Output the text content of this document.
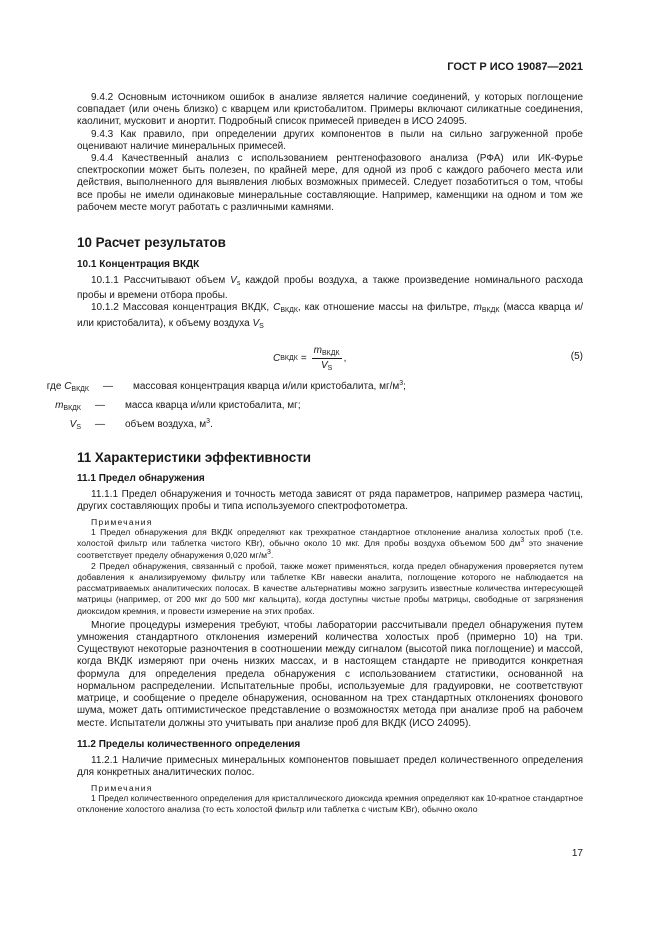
ГОСТ Р ИСО 19087—2021

9.4.2 Основным источником ошибок в анализе является наличие соединений, у которых поглощение совпадает (или очень близко) с кварцем или кристобалитом. Примеры включают силикатные соединения, каолинит, мусковит и анортит. Подробный список примесей приведен в ИСО 24095.

9.4.3 Как правило, при определении других компонентов в пыли на сильно загруженной пробе оценивают наличие минеральных примесей.

9.4.4 Качественный анализ с использованием рентгенофазового анализа (РФА) или ИК-Фурье спектроскопии может быть полезен, по крайней мере, для одной из проб с каждого рабочего места или действия, выполненного для выявления любых возможных примесей. Следует позаботиться о том, чтобы все пробы не имели одинаковые минеральные составляющие. Например, каменщики на одном и том же рабочем месте могут работать с различными камнями.

10 Расчет результатов

10.1 Концентрация ВКДК

10.1.1 Рассчитывают объем $V_s$ каждой пробы воздуха, а также произведение номинального расхода пробы и времени отбора пробы.

10.1.2 Массовая концентрация ВКДК, $C_{ВКДК}$, как отношение массы на фильтре, $m_{ВКДК}$ (масса кварца и/или кристобалита), к объему воздуха $V_S$

C ВКДК = $\frac{m_{ВКДК}}{V_S}$ ,	(5)
где $C_{ВКДК}$	—	массовая концентрация кварца и/или кристобалита, $мг/м^3$;
$m_{ВКДК}$	—	масса кварца и/или кристобалита, мг;
$V_S$	—	объем воздуха, $м^3$.

11 Характеристики эффективности

11.1 Предел обнаружения

11.1.1 Предел обнаружения и точность метода зависят от ряда параметров, например размера частиц, других составляющих пробы и типа используемого спектрофотометра.

Примечания

1 Предел обнаружения для ВКДК определяют как трехкратное стандартное отклонение анализа холостых проб (т.е. холостой фильтр или таблетка чистого KBr), обычно около 10 мкг. Для пробы воздуха объемом 500 $дм^3$ это значение соответствует пределу обнаружения 0,020 $мг/м^3$.

2 Предел обнаружения, связанный с пробой, также может применяться, когда предел обнаружения проверяется путем добавления к анализируемому фильтру или таблетке KBr навески аналита, поглощение которого не наблюдается на рассматриваемых аналитических полосах. В качестве альтернативы можно загрузить известные количества интересующей матрицы (например, от 200 мкг до 500 мкг кальцита), когда доступны чистые пробы матрицы, свободные от загрязнения диоксидом кремния, и провести измерение на этих пробах.

Многие процедуры измерения требуют, чтобы лаборатории рассчитывали предел обнаружения путем умножения стандартного отклонения измерений количества холостых проб (примерно 10) на три. Существуют некоторые разночтения в соотношении между сигналом (высотой пика поглощение) и массой, когда ВКДК измеряют при очень низких массах, и в настоящем стандарте не приводится конкретная формула для определения предела обнаружения с использованием статистики, основанной на нормальном распределении. Испытательные пробы, используемые для градуировки, не соответствуют матрице, и сообщение о пределе обнаружения, основанном на трех стандартных отклонениях фонового шума, может дать оптимистическое представление о возможностях метода при анализе проб на рабочем месте. Испытатели должны это учитывать при анализе проб для ВКДК (ИСО 24095).

11.2 Пределы количественного определения

11.2.1 Наличие примесных минеральных компонентов повышает предел количественного определения для конкретных аналитических полос.

Примечания

1 Предел количественного определения для кристаллического диоксида кремния определяют как 10-кратное стандартное отклонение холостого анализа (то есть холостой фильтр или таблетка с чистым KBr), обычно около

17
